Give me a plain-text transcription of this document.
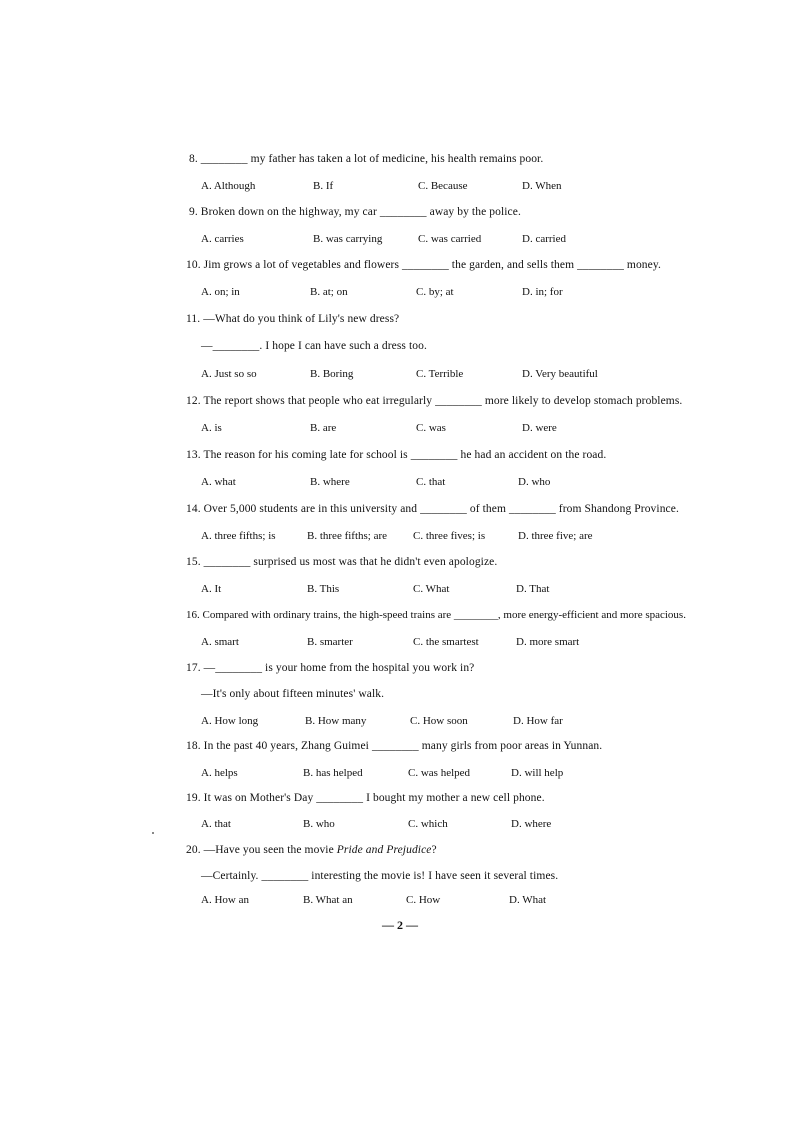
8. ________ my father has taken a lot of medicine, his health remains poor.
A. Although	B. If	C. Because	D. When
9. Broken down on the highway, my car ________ away by the police.
A. carries	B. was carrying	C. was carried	D. carried
10. Jim grows a lot of vegetables and flowers ________ the garden, and sells them ________ money.
A. on; in	B. at; on	C. by; at	D. in; for
11. —What do you think of Lily's new dress?
—________. I hope I can have such a dress too.
A. Just so so	B. Boring	C. Terrible	D. Very beautiful
12. The report shows that people who eat irregularly ________ more likely to develop stomach problems.
A. is	B. are	C. was	D. were
13. The reason for his coming late for school is ________ he had an accident on the road.
A. what	B. where	C. that	D. who
14. Over 5,000 students are in this university and ________ of them ________ from Shandong Province.
A. three fifths; is	B. three fifths; are C. three fives; is	D. three five; are
15. ________ surprised us most was that he didn't even apologize.
A. It	B. This	C. What	D. That
16. Compared with ordinary trains, the high-speed trains are ________, more energy-efficient and more spacious.
A. smart	B. smarter	C. the smartest	D. more smart
17. —________ is your home from the hospital you work in?
—It's only about fifteen minutes' walk.
A. How long	B. How many	C. How soon	D. How far
18. In the past 40 years, Zhang Guimei ________ many girls from poor areas in Yunnan.
A. helps	B. has helped	C. was helped	D. will help
19. It was on Mother's Day ________ I bought my mother a new cell phone.
A. that	B. who	C. which	D. where
20. —Have you seen the movie Pride and Prejudice?
—Certainly. ________ interesting the movie is! I have seen it several times.
A. How an	B. What an	C. How	D. What
— 2 —
